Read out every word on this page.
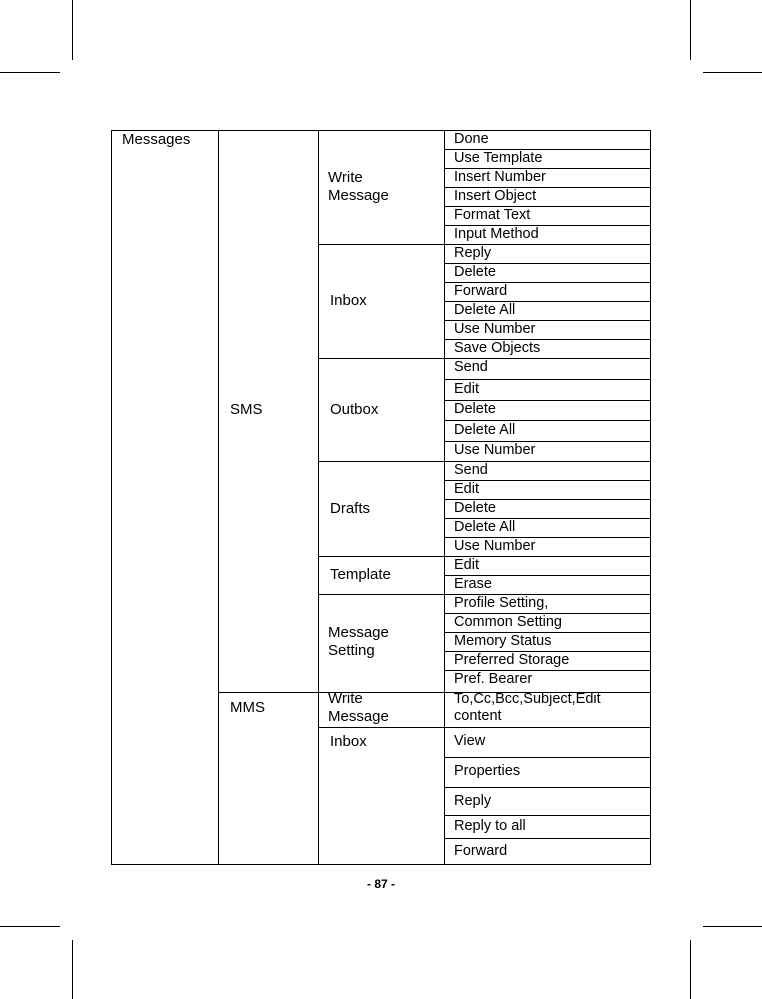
Messages
SMS
MMS
Write Message
Inbox
Outbox
Drafts
Template
Message Setting
Write Message
Inbox
Done
Use Template
Insert Number
Insert Object
Format Text
Input Method
Reply
Delete
Forward
Delete All
Use Number
Save Objects
Send
Edit
Delete
Delete All
Use Number
Send
Edit
Delete
Delete All
Use Number
Edit
Erase
Profile Setting,
Common Setting
Memory Status
Preferred Storage
Pref. Bearer
To,Cc,Bcc,Subject,Edit content
View
Properties
Reply
Reply to all
Forward
- 87 -
